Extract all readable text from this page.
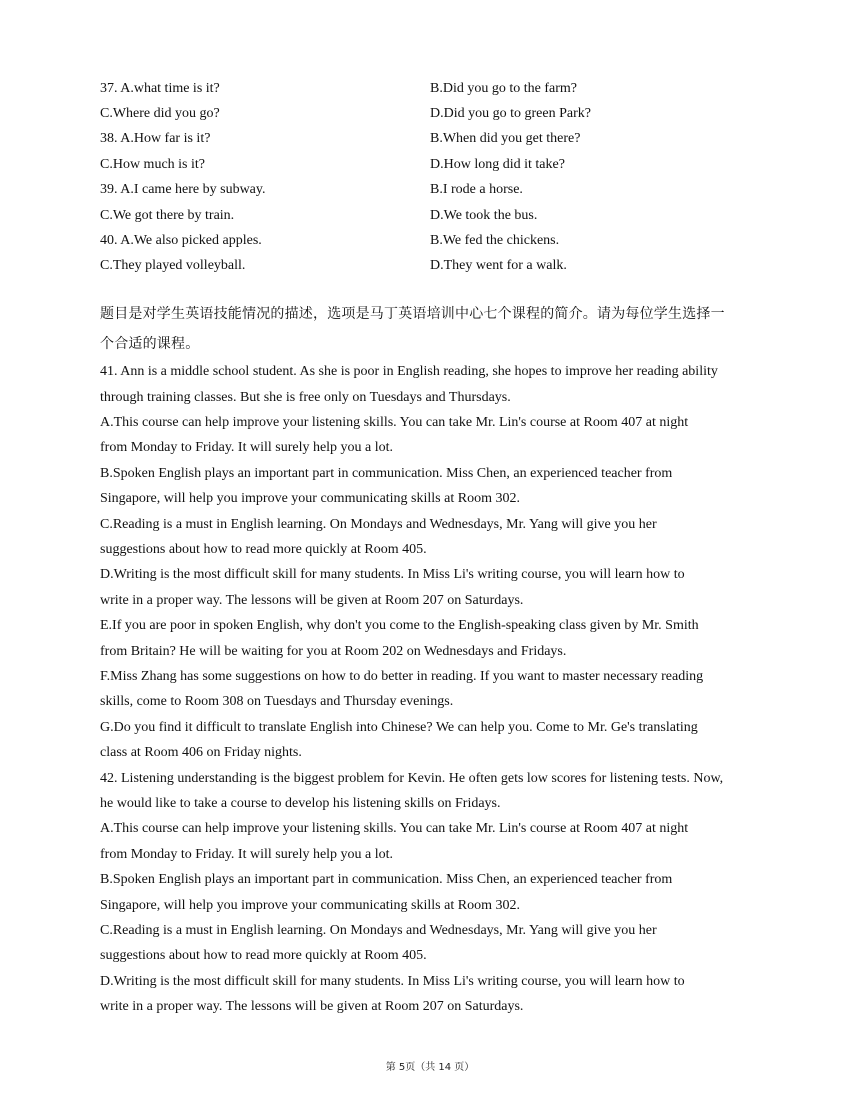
37. A.what time is it?	B.Did you go to the farm?
C.Where did you go?	D.Did you go to green Park?
38. A.How far is it?	B.When did you get there?
C.How much is it?	D.How long did it take?
39. A.I came here by subway.	B.I rode a horse.
C.We got there by train.	D.We took the bus.
40. A.We also picked apples.	B.We fed the chickens.
C.They played volleyball.	D.They went for a walk.
题目是对学生英语技能情况的描述，选项是马丁英语培训中心七个课程的简介。请为每位学生选择一
个合适的课程。
41. Ann is a middle school student. As she is poor in English reading, she hopes to improve her reading ability
through training classes. But she is free only on Tuesdays and Thursdays.
A.This course can help improve your listening skills. You can take Mr. Lin's course at Room 407 at night
from Monday to Friday. It will surely help you a lot.
B.Spoken English plays an important part in communication. Miss Chen, an experienced teacher from
Singapore, will help you improve your communicating skills at Room 302.
C.Reading is a must in English learning. On Mondays and Wednesdays, Mr. Yang will give you her
suggestions about how to read more quickly at Room 405.
D.Writing is the most difficult skill for many students. In Miss Li's writing course, you will learn how to
write in a proper way. The lessons will be given at Room 207 on Saturdays.
E.If you are poor in spoken English, why don't you come to the English-speaking class given by Mr. Smith
from Britain? He will be waiting for you at Room 202 on Wednesdays and Fridays.
F.Miss Zhang has some suggestions on how to do better in reading. If you want to master necessary reading
skills, come to Room 308 on Tuesdays and Thursday evenings.
G.Do you find it difficult to translate English into Chinese? We can help you. Come to Mr. Ge's translating
class at Room 406 on Friday nights.
42. Listening understanding is the biggest problem for Kevin. He often gets low scores for listening tests. Now,
he would like to take a course to develop his listening skills on Fridays.
A.This course can help improve your listening skills. You can take Mr. Lin's course at Room 407 at night
from Monday to Friday. It will surely help you a lot.
B.Spoken English plays an important part in communication. Miss Chen, an experienced teacher from
Singapore, will help you improve your communicating skills at Room 302.
C.Reading is a must in English learning. On Mondays and Wednesdays, Mr. Yang will give you her
suggestions about how to read more quickly at Room 405.
D.Writing is the most difficult skill for many students. In Miss Li's writing course, you will learn how to
write in a proper way. The lessons will be given at Room 207 on Saturdays.
第 5页（共 14 页）
